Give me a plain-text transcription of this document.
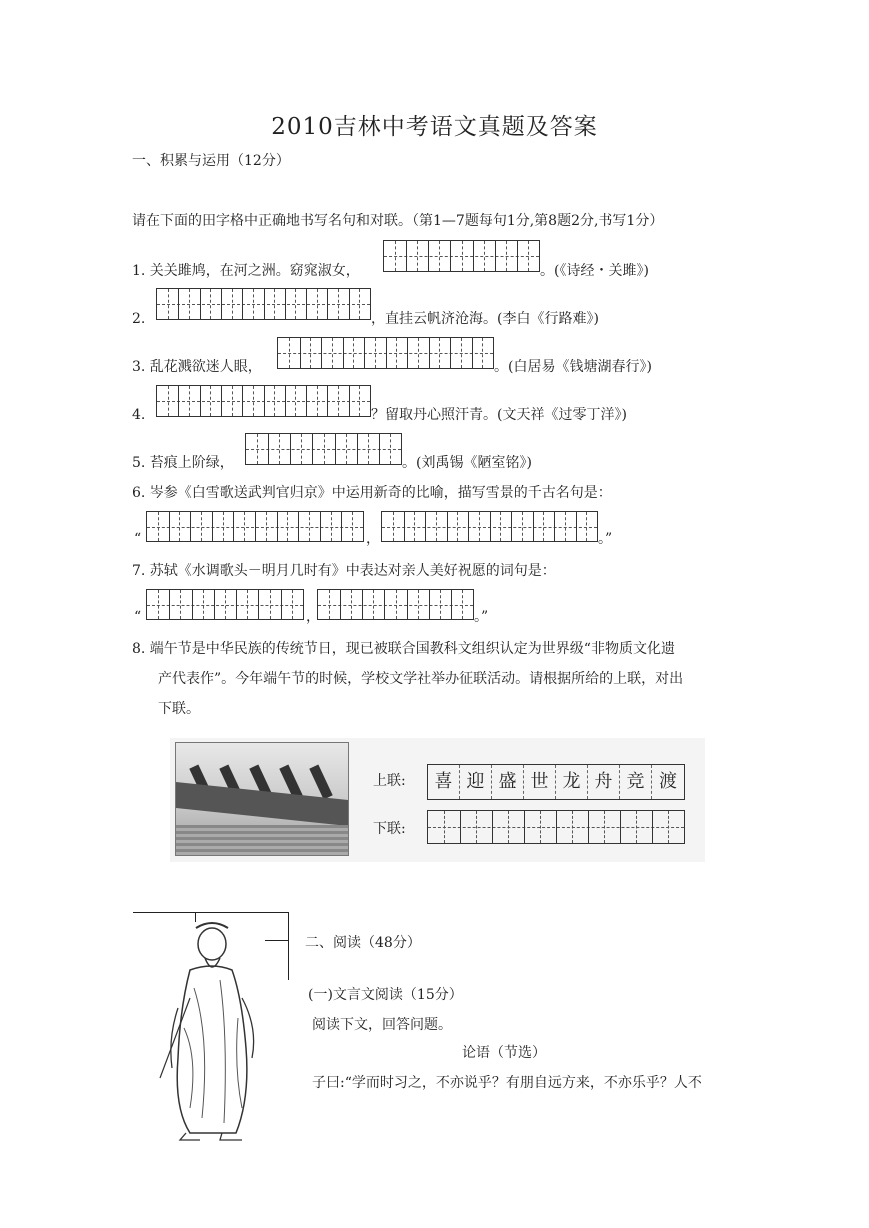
2010吉林中考语文真题及答案
一、积累与运用（12分）
请在下面的田字格中正确地书写名句和对联。（第1—7题每句1分,第8题2分,书写1分）
1. 关关雎鸠，在河之洲。窈窕淑女，	。(《诗经・关雎》)
2.	，直挂云帆济沧海。(李白《行路难》)
3. 乱花溅欲迷人眼，	。(白居易《钱塘湖春行》)
4.	？留取丹心照汗青。(文天祥《过零丁洋》)
5. 苔痕上阶绿，	。(刘禹锡《陋室铭》)
6. 岑参《白雪歌送武判官归京》中运用新奇的比喻，描写雪景的千古名句是：
“	，	。”
7. 苏轼《水调歌头－明月几时有》中表达对亲人美好祝愿的词句是：
“	，	。”
8. 端午节是中华民族的传统节日，现已被联合国教科文组织认定为世界级“非物质文化遗
产代表作”。今年端午节的时候，学校文学社举办征联活动。请根据所给的上联，对出
下联。
上联:	喜 迎 盛 世 龙 舟 竞 渡
下联:
二、阅读（48分）
(一)文言文阅读（15分）
阅读下文，回答问题。
论语（节选）
子曰:“学而时习之，不亦说乎？有朋自远方来，不亦乐乎？人不
